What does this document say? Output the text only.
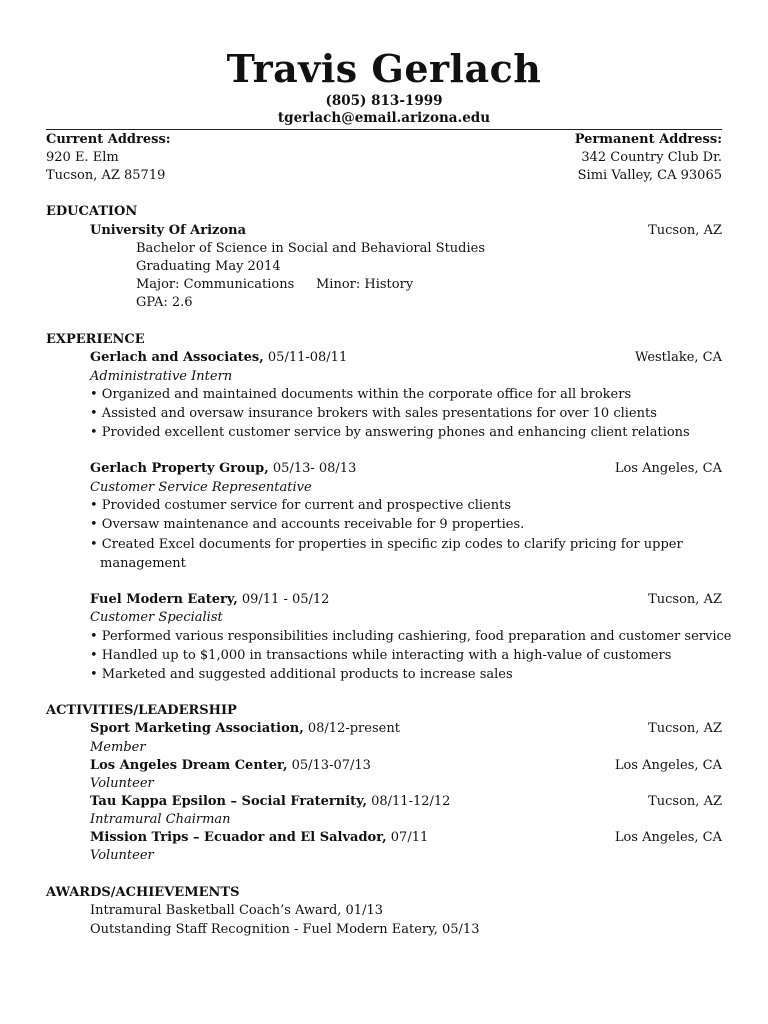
Travis Gerlach
(805) 813-1999
tgerlach@email.arizona.edu
Current Address:	Permanent Address:
920 E. Elm	342 Country Club Dr.
Tucson, AZ 85719	Simi Valley, CA 93065
EDUCATION
University Of Arizona	Tucson, AZ
Bachelor of Science in Social and Behavioral Studies
Graduating May 2014
Major: Communications Minor: History
GPA: 2.6
EXPERIENCE
Gerlach and Associates, 05/11-08/11	Westlake, CA
Administrative Intern
• Organized and maintained documents within the corporate office for all brokers
• Assisted and oversaw insurance brokers with sales presentations for over 10 clients
• Provided excellent customer service by answering phones and enhancing client relations
Gerlach Property Group, 05/13- 08/13	Los Angeles, CA
Customer Service Representative
• Provided costumer service for current and prospective clients
• Oversaw maintenance and accounts receivable for 9 properties.
• Created Excel documents for properties in specific zip codes to clarify pricing for upper
management
Fuel Modern Eatery, 09/11 - 05/12	Tucson, AZ
Customer Specialist
• Performed various responsibilities including cashiering, food preparation and customer service
• Handled up to $1,000 in transactions while interacting with a high-value of customers
• Marketed and suggested additional products to increase sales
ACTIVITIES/LEADERSHIP
Sport Marketing Association, 08/12-present	Tucson, AZ
Member
Los Angeles Dream Center, 05/13-07/13	Los Angeles, CA
Volunteer
Tau Kappa Epsilon – Social Fraternity, 08/11-12/12	Tucson, AZ
Intramural Chairman
Mission Trips – Ecuador and El Salvador, 07/11	Los Angeles, CA
Volunteer
AWARDS/ACHIEVEMENTS
Intramural Basketball Coach’s Award, 01/13
Outstanding Staff Recognition - Fuel Modern Eatery, 05/13
